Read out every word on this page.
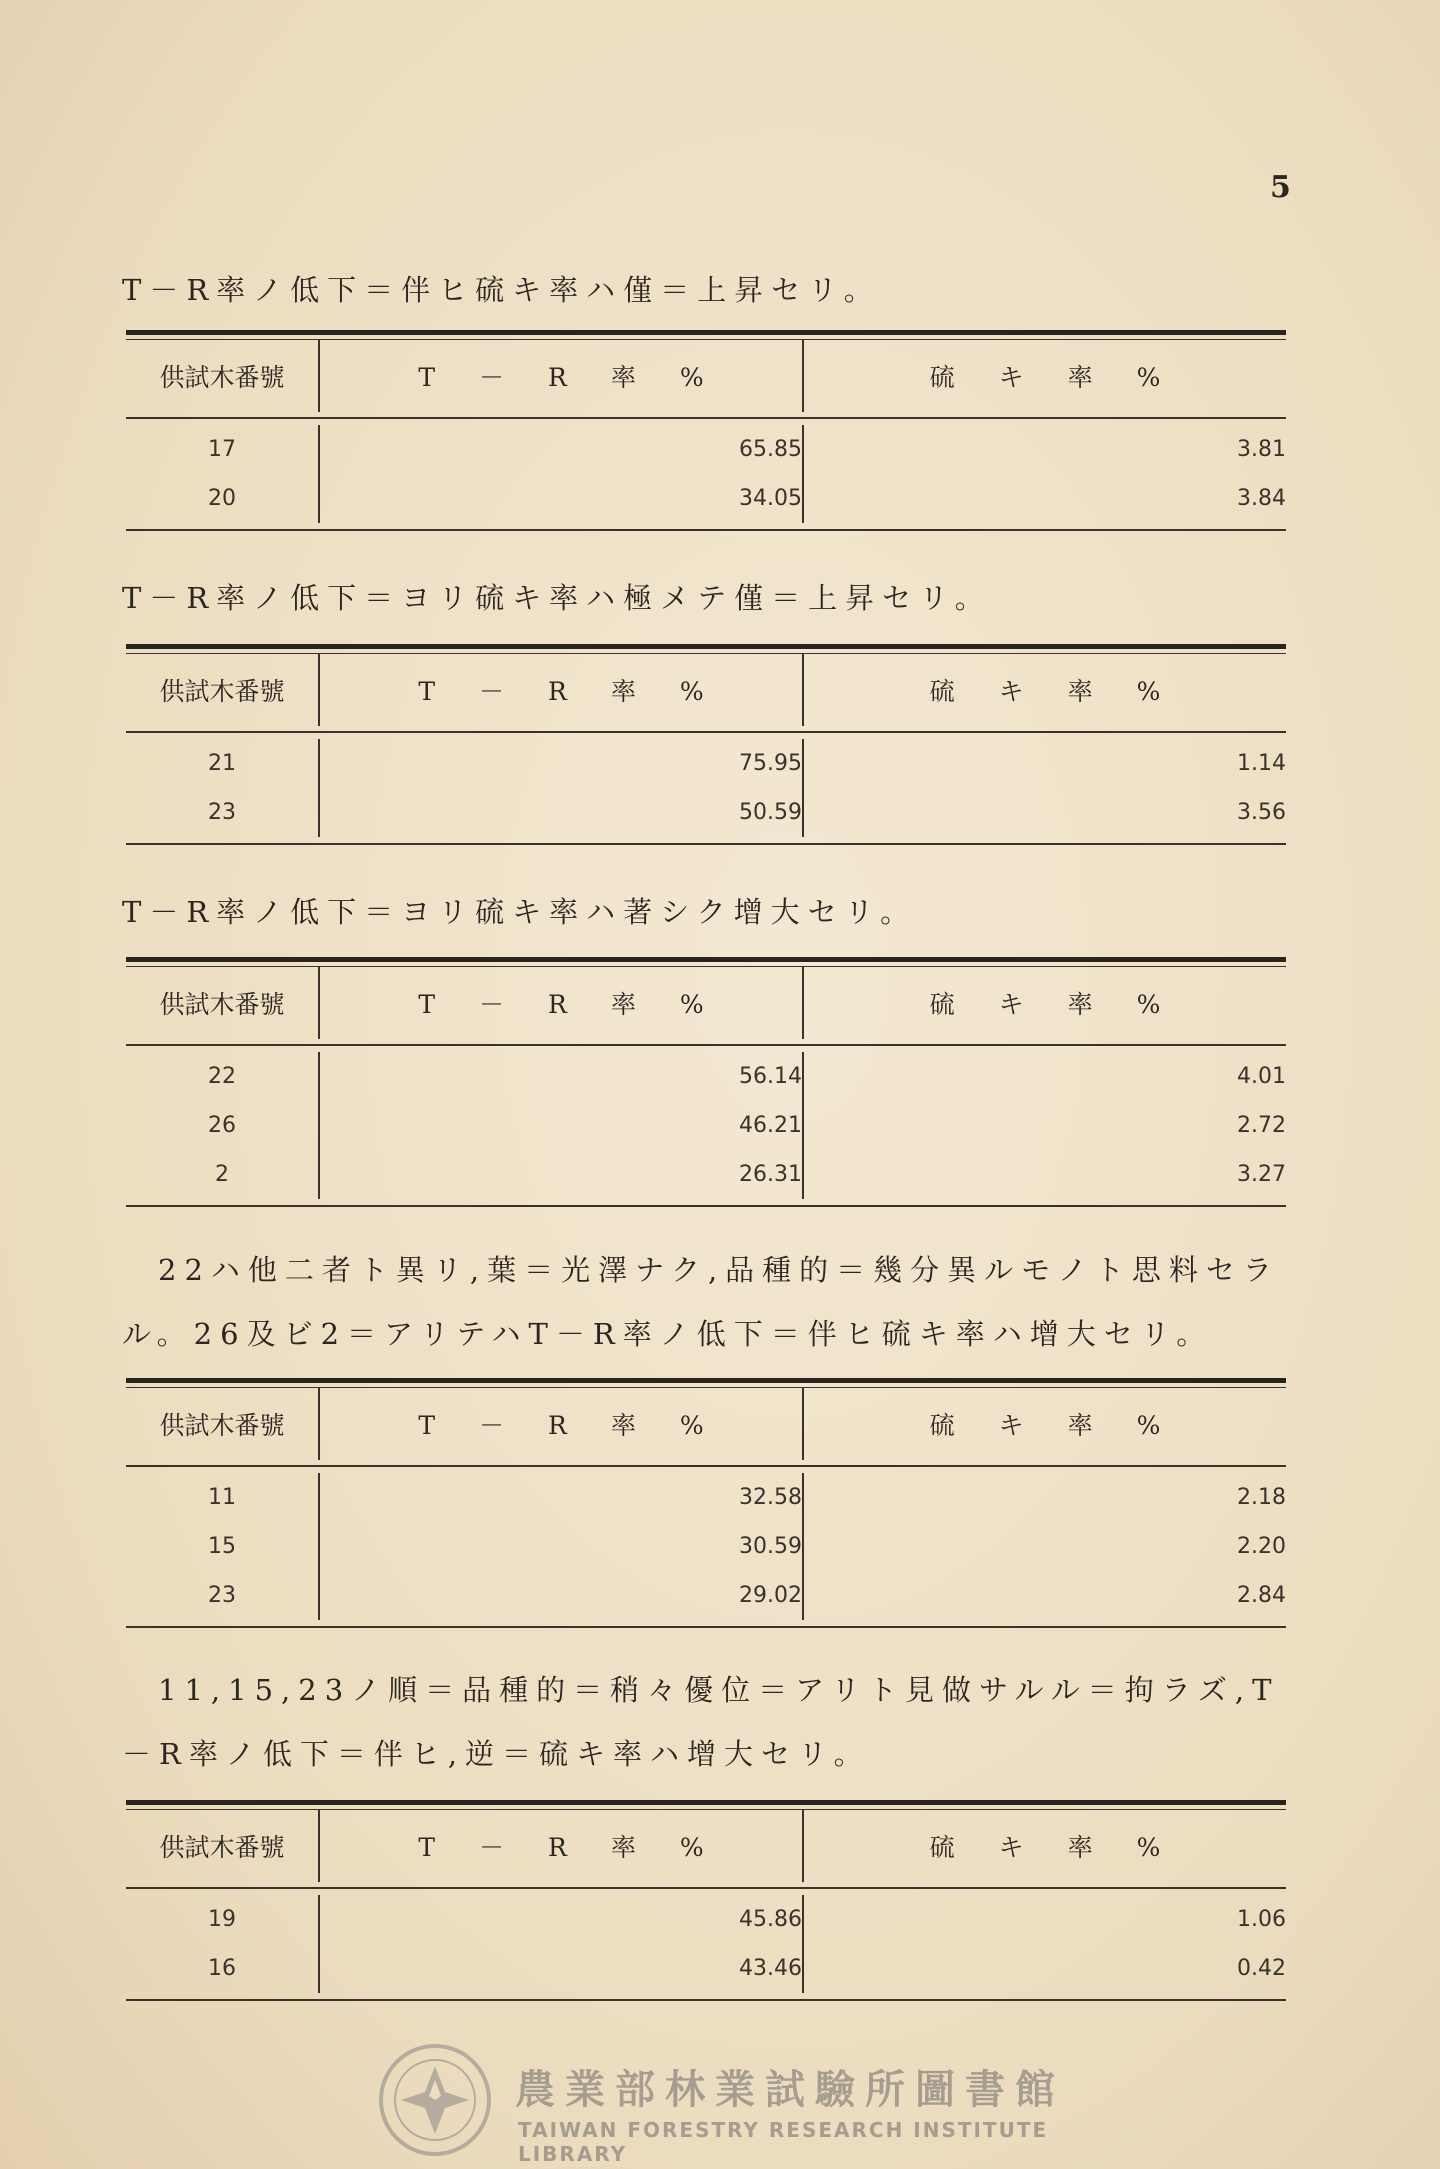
5

T－R率ノ低下＝伴ヒ硫キ率ハ僅＝上昇セリ。

供試木番號	T－R率%	硫キ率%
17	65.85	3.81
20	34.05	3.84

T－R率ノ低下＝ヨリ硫キ率ハ極メテ僅＝上昇セリ。

供試木番號	T－R率%	硫キ率%
21	75.95	1.14
23	50.59	3.56

T－R率ノ低下＝ヨリ硫キ率ハ著シク增大セリ。

供試木番號	T－R率%	硫キ率%
22	56.14	4.01
26	46.21	2.72
2	26.31	3.27

22ハ他二者ト異リ,葉＝光澤ナク,品種的＝幾分異ルモノト思料セラル。26及ビ2＝アリテハT－R率ノ低下＝伴ヒ硫キ率ハ增大セリ。

供試木番號	T－R率%	硫キ率%
11	32.58	2.18
15	30.59	2.20
23	29.02	2.84

11,15,23ノ順＝品種的＝稍々優位＝アリト見做サルル＝拘ラズ,T－R率ノ低下＝伴ヒ,逆＝硫キ率ハ增大セリ。

供試木番號	T－R率%	硫キ率%
19	45.86	1.06
16	43.46	0.42
農業部林業試驗所圖書館
TAIWAN FORESTRY RESEARCH INSTITUTE LIBRARY
